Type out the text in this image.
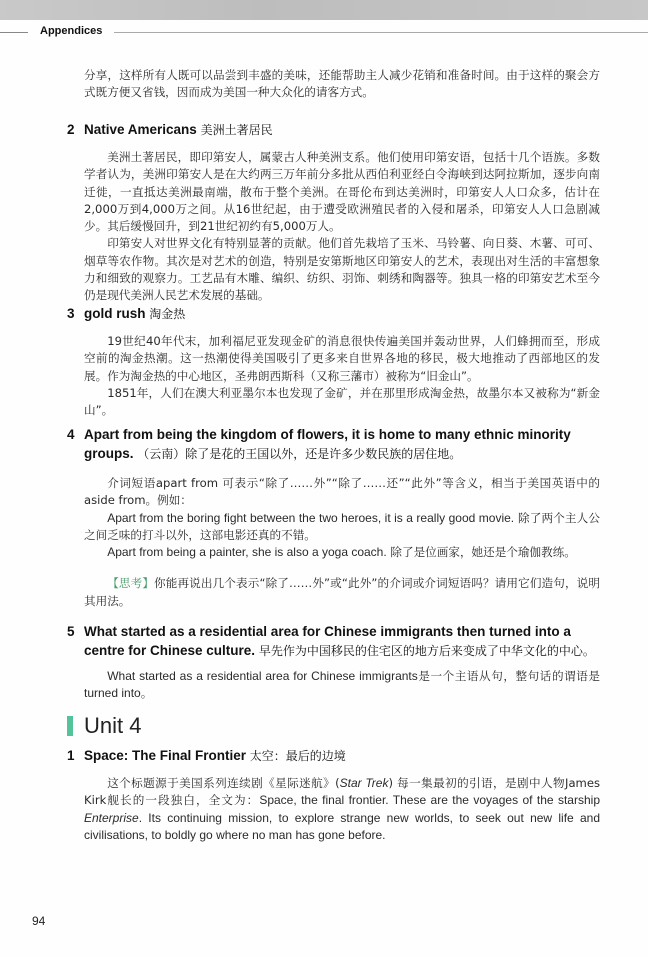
Appendices

分享，这样所有人既可以品尝到丰盛的美味，还能帮助主人减少花销和准备时间。由于这样的聚会方式既方便又省钱，因而成为美国一种大众化的请客方式。

2 Native Americans 美洲土著居民

美洲土著居民，即印第安人，属蒙古人种美洲支系。他们使用印第安语，包括十几个语族。多数学者认为，美洲印第安人是在大约两三万年前分多批从西伯利亚经白令海峡到达阿拉斯加，逐步向南迁徙，一直抵达美洲最南端，散布于整个美洲。在哥伦布到达美洲时，印第安人人口众多，估计在2,000万到4,000万之间。从16世纪起，由于遭受欧洲殖民者的入侵和屠杀，印第安人人口急剧减少。其后缓慢回升，到21世纪初约有5,000万人。

印第安人对世界文化有特别显著的贡献。他们首先栽培了玉米、马铃薯、向日葵、木薯、可可、烟草等农作物。其次是对艺术的创造，特别是安第斯地区印第安人的艺术，表现出对生活的丰富想象力和细致的观察力。工艺品有木雕、编织、纺织、羽饰、刺绣和陶器等。独具一格的印第安艺术至今仍是现代美洲人民艺术发展的基础。

3 gold rush 淘金热

19世纪40年代末，加利福尼亚发现金矿的消息很快传遍美国并轰动世界，人们蜂拥而至，形成空前的淘金热潮。这一热潮使得美国吸引了更多来自世界各地的移民，极大地推动了西部地区的发展。作为淘金热的中心地区，圣弗朗西斯科（又称三藩市）被称为“旧金山”。

1851年，人们在澳大利亚墨尔本也发现了金矿，并在那里形成淘金热，故墨尔本又被称为“新金山”。

4 Apart from being the kingdom of flowers, it is home to many ethnic minority groups. （云南）除了是花的王国以外，还是许多少数民族的居住地。

介词短语apart from 可表示“除了……外”“除了……还”“此外”等含义，相当于美国英语中的aside from。例如：

Apart from the boring fight between the two heroes, it is a really good movie. 除了两个主人公之间乏味的打斗以外，这部电影还真的不错。

Apart from being a painter, she is also a yoga coach. 除了是位画家，她还是个瑜伽教练。

【思考】你能再说出几个表示“除了……外”或“此外”的介词或介词短语吗？请用它们造句，说明其用法。

5 What started as a residential area for Chinese immigrants then turned into a centre for Chinese culture. 早先作为中国移民的住宅区的地方后来变成了中华文化的中心。

What started as a residential area for Chinese immigrants是一个主语从句，整句话的谓语是turned into。

Unit 4
1 Space: The Final Frontier 太空：最后的边境

这个标题源于美国系列连续剧《星际迷航》(Star Trek) 每一集最初的引语，是剧中人物James Kirk舰长的一段独白，全文为：Space, the final frontier. These are the voyages of the starship Enterprise. Its continuing mission, to explore strange new worlds, to seek out new life and civilisations, to boldly go where no man has gone before.

94
